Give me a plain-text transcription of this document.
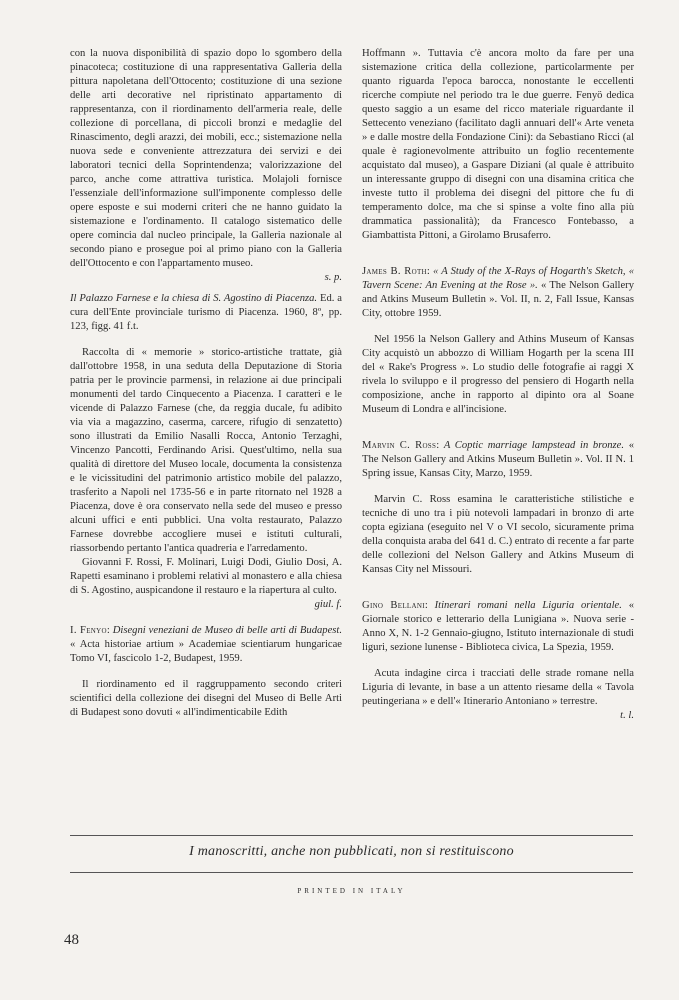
con la nuova disponibilità di spazio dopo lo sgombero della pinacoteca; costituzione di una rappresentativa Galleria della pittura napoletana dell'Ottocento; costituzione di una sezione delle arti decorative nel ripristinato appartamento di rappresentanza, con il riordinamento dell'armeria reale, delle collezione di porcellana, di piccoli bronzi e medaglie del Rinascimento, degli arazzi, dei mobili, ecc.; sistemazione nella nuova sede e conveniente attrezzatura dei servizi e dei laboratori tecnici della Soprintendenza; valorizzazione del parco, anche come attrattiva turistica. Molajoli fornisce l'essenziale dell'informazione sull'imponente complesso delle opere esposte e sui moderni criteri che ne hanno guidato la sistemazione e l'ordinamento. Il catalogo sistematico delle opere comincia dal nucleo principale, la Galleria nazionale al secondo piano e prosegue poi al primo piano con la Galleria dell'Ottocento e con l'appartamento museo.

s. p.

Il Palazzo Farnese e la chiesa di S. Agostino di Piacenza. Ed. a cura dell'Ente provinciale turismo di Piacenza. 1960, 8º, pp. 123, figg. 41 f.t.

Raccolta di « memorie » storico-artistiche trattate, già dall'ottobre 1958, in una seduta della Deputazione di Storia patria per le provincie parmensi, in relazione ai due principali monumenti del tardo Cinquecento a Piacenza. I caratteri e le vicende di Palazzo Farnese (che, da reggia ducale, fu adibito via via a magazzino, caserma, carcere, rifugio di senzatetto) sono illustrati da Emilio Nasalli Rocca, Antonio Terzaghi, Vincenzo Pancotti, Ferdinando Arisi. Quest'ultimo, nella sua qualità di direttore del Museo locale, documenta la consistenza e le vicissitudini del patrimonio artistico mobile del palazzo, trasferito a Napoli nel 1735-56 e in parte ritornato nel 1928 a Piacenza, dove è ora conservato nella sede del museo e presso alcuni uffici e enti pubblici. Una volta restaurato, Palazzo Farnese dovrebbe accogliere musei e istituti culturali, riassorbendo pertanto l'antica quadreria e l'arredamento.

Giovanni F. Rossi, F. Molinari, Luigi Dodi, Giulio Dosi, A. Rapetti esaminano i problemi relativi al monastero e alla chiesa di S. Agostino, auspicandone il restauro e la riapertura al culto.

giul. f.

I. Fenyo: Disegni veneziani de Museo di belle arti di Budapest. « Acta historiae artium » Academiae scientiarum hungaricae Tomo VI, fascicolo 1-2, Budapest, 1959.

Il riordinamento ed il raggruppamento secondo criteri scientifici della collezione dei disegni del Museo di Belle Arti di Budapest sono dovuti « all'indimenticabile Edith

Hoffmann ». Tuttavia c'è ancora molto da fare per una sistemazione critica della collezione, particolarmente per quanto riguarda l'epoca barocca, nonostante le eccellenti ricerche compiute nel periodo tra le due guerre. Fenyö dedica questo saggio a un esame del ricco materiale riguardante il Settecento veneziano (facilitato dagli annuari dell'« Arte veneta » e dalle mostre della Fondazione Cini): da Sebastiano Ricci (al quale è ragionevolmente attribuito un foglio recentemente acquistato dal museo), a Gaspare Diziani (al quale è attribuito un interessante gruppo di disegni con una disamina critica che investe tutto il problema dei disegni del pittore che fu di temperamento dolce, ma che si spinse a volte fino alla più drammatica passionalità); da Francesco Fontebasso, a Giambattista Pittoni, a Girolamo Brusaferro.

James B. Roth: « A Study of the X-Rays of Hogarth's Sketch, « Tavern Scene: An Evening at the Rose ». « The Nelson Gallery and Atkins Museum Bulletin ». Vol. II, n. 2, Fall Issue, Kansas City, ottobre 1959.

Nel 1956 la Nelson Gallery and Athins Museum of Kansas City acquistò un abbozzo di William Hogarth per la scena III del « Rake's Progress ». Lo studio delle fotografie ai raggi X rivela lo sviluppo e il progresso del pensiero di Hogarth nella composizione, anche in rapporto al dipinto ora al Soane Museum di Londra e all'incisione.

Marvin C. Ross: A Coptic marriage lampstead in bronze. « The Nelson Gallery and Atkins Museum Bulletin ». Vol. II N. 1 Spring issue, Kansas City, Marzo, 1959.

Marvin C. Ross esamina le caratteristiche stilistiche e tecniche di uno tra i più notevoli lampadari in bronzo di arte copta egiziana (eseguito nel V o VI secolo, sicuramente prima della conquista araba del 641 d. C.) entrato di recente a far parte delle collezioni del Nelson Gallery and Atkins Museum di Kansas City nel Missouri.

Gino Bellani: Itinerari romani nella Liguria orientale. « Giornale storico e letterario della Lunigiana ». Nuova serie - Anno X, N. 1-2 Gennaio-giugno, Istituto internazionale di studi liguri, sezione lunense - Biblioteca civica, La Spezia, 1959.

Acuta indagine circa i tracciati delle strade romane nella Liguria di levante, in base a un attento riesame della « Tavola peutingeriana » e dell'« Itinerario Antoniano » terrestre.

t. l.

I manoscritti, anche non pubblicati, non si restituiscono
PRINTED IN ITALY
48
